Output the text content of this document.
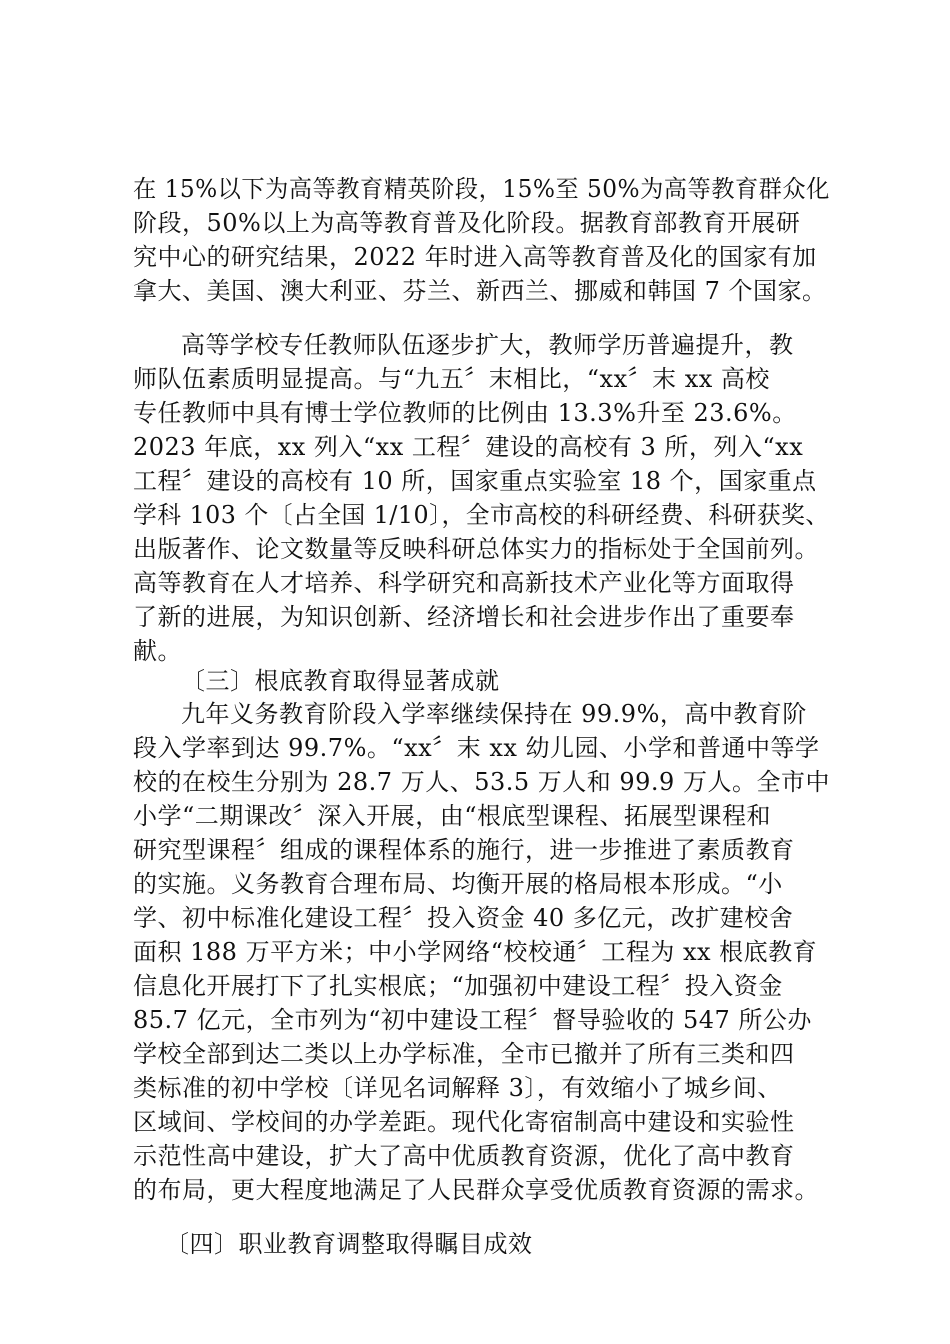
在 15%以下为高等教育精英阶段，15%至 50%为高等教育群众化
阶段，50%以上为高等教育普及化阶段。据教育部教育开展研
究中心的研究结果，2022 年时进入高等教育普及化的国家有加
拿大、美国、澳大利亚、芬兰、新西兰、挪威和韩国 7 个国家。
高等学校专任教师队伍逐步扩大，教师学历普遍提升，教
师队伍素质明显提高。与“九五〞末相比，“xx〞末 xx 高校
专任教师中具有博士学位教师的比例由 13.3%升至 23.6%。
2023 年底，xx 列入“xx 工程〞建设的高校有 3 所，列入“xx
工程〞建设的高校有 10 所，国家重点实验室 18 个，国家重点
学科 103 个〔占全国 1/10〕，全市高校的科研经费、科研获奖、
出版著作、论文数量等反映科研总体实力的指标处于全国前列。
高等教育在人才培养、科学研究和高新技术产业化等方面取得
了新的进展，为知识创新、经济增长和社会进步作出了重要奉
献。
〔三〕根底教育取得显著成就
九年义务教育阶段入学率继续保持在 99.9%，高中教育阶
段入学率到达 99.7%。“xx〞末 xx 幼儿园、小学和普通中等学
校的在校生分别为 28.7 万人、53.5 万人和 99.9 万人。全市中
小学“二期课改〞深入开展，由“根底型课程、拓展型课程和
研究型课程〞组成的课程体系的施行，进一步推进了素质教育
的实施。义务教育合理布局、均衡开展的格局根本形成。“小
学、初中标准化建设工程〞投入资金 40 多亿元，改扩建校舍
面积 188 万平方米；中小学网络“校校通〞工程为 xx 根底教育
信息化开展打下了扎实根底；“加强初中建设工程〞投入资金
85.7 亿元，全市列为“初中建设工程〞督导验收的 547 所公办
学校全部到达二类以上办学标准，全市已撤并了所有三类和四
类标准的初中学校〔详见名词解释 3〕，有效缩小了城乡间、
区域间、学校间的办学差距。现代化寄宿制高中建设和实验性
示范性高中建设，扩大了高中优质教育资源，优化了高中教育
的布局，更大程度地满足了人民群众享受优质教育资源的需求。
〔四〕职业教育调整取得瞩目成效
